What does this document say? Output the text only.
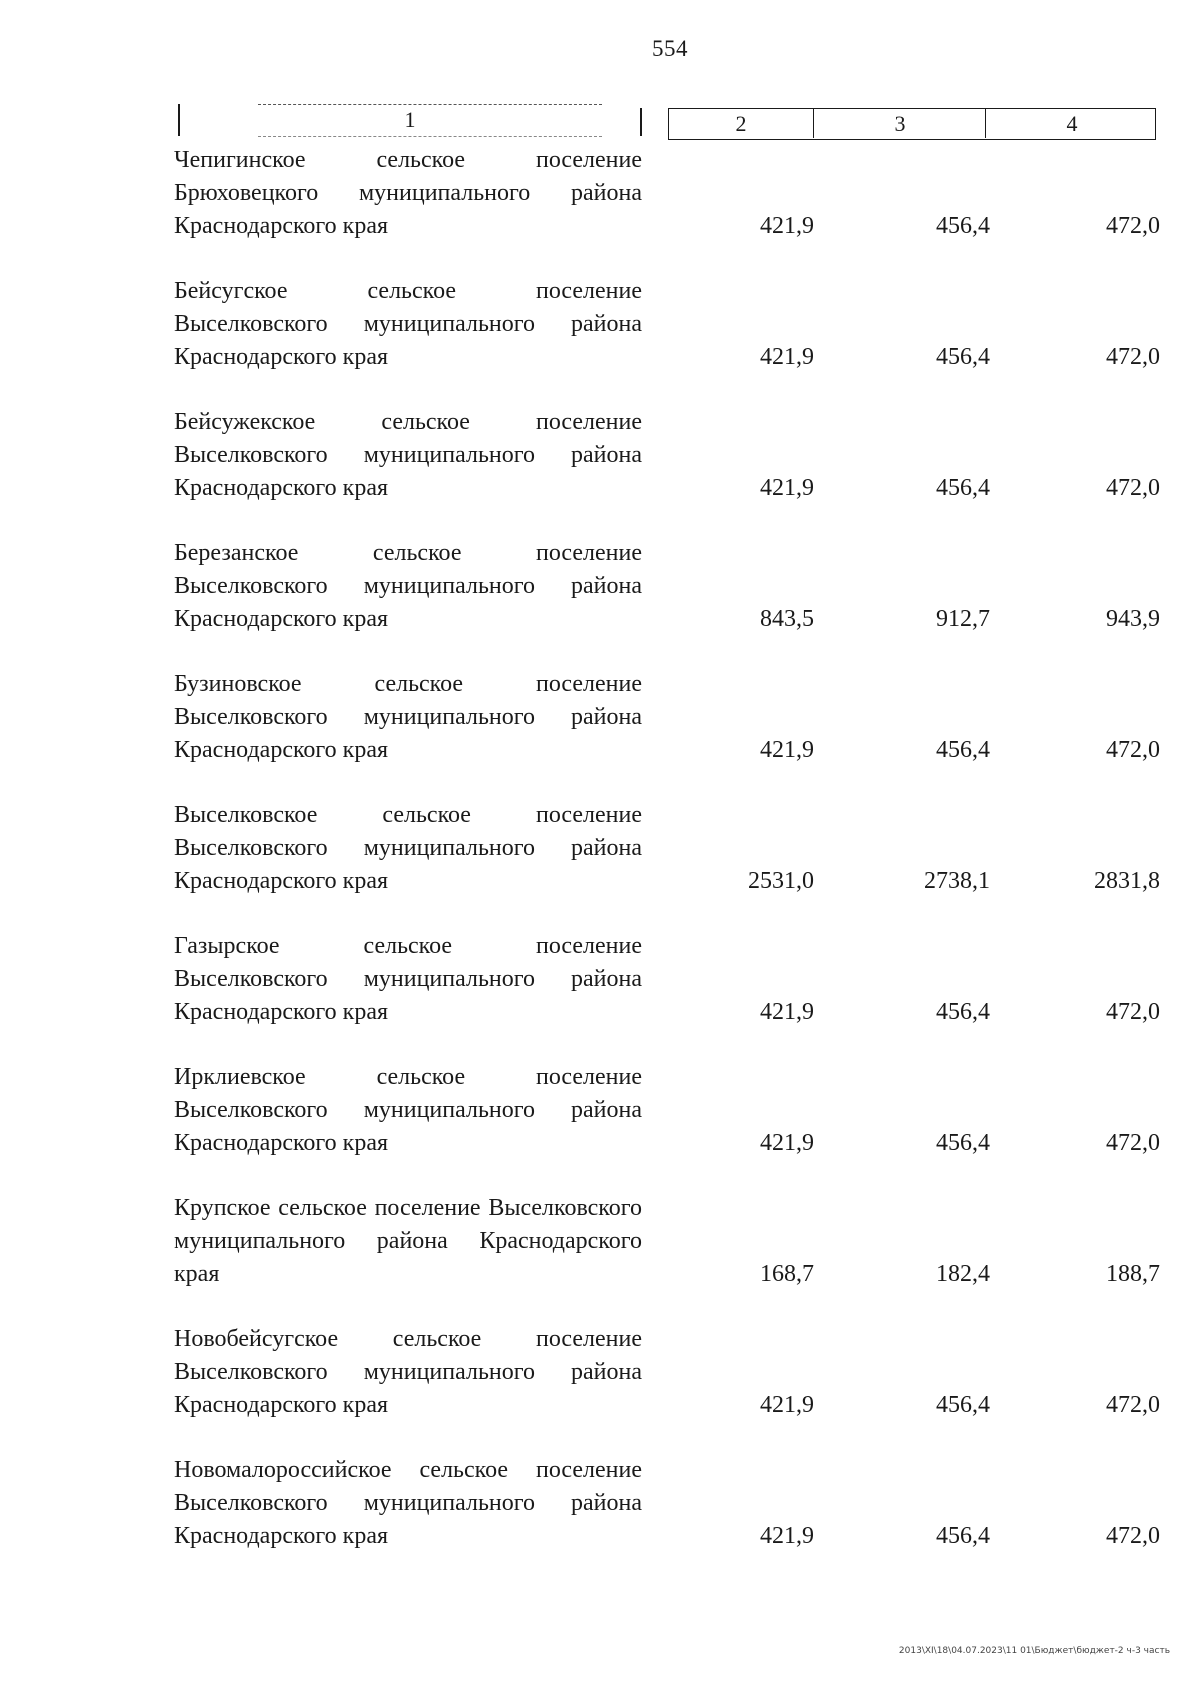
554
1	2	3	4
Чепигинское сельское поселение Брюховецкого муниципального района Краснодарского края	421,9	456,4	472,0
Бейсугское сельское поселение Выселковского муниципального района Краснодарского края	421,9	456,4	472,0
Бейсужекское сельское поселение Выселковского муниципального района Краснодарского края	421,9	456,4	472,0
Березанское сельское поселение Выселковского муниципального района Краснодарского края	843,5	912,7	943,9
Бузиновское сельское поселение Выселковского муниципального района Краснодарского края	421,9	456,4	472,0
Выселковское сельское поселение Выселковского муниципального района Краснодарского края	2531,0	2738,1	2831,8
Газырское сельское поселение Выселковского муниципального района Краснодарского края	421,9	456,4	472,0
Ирклиевское сельское поселение Выселковского муниципального района Краснодарского края	421,9	456,4	472,0
Крупское сельское поселение Выселковского муниципального района Краснодарского края	168,7	182,4	188,7
Новобейсугское сельское поселение Выселковского муниципального района Краснодарского края	421,9	456,4	472,0
Новомалороссийское сельское поселение Выселковского муниципального района Краснодарского края	421,9	456,4	472,0
2013\XI\18\04.07.2023\11 01\Бюджет\бюджет-2 ч-3 часть
